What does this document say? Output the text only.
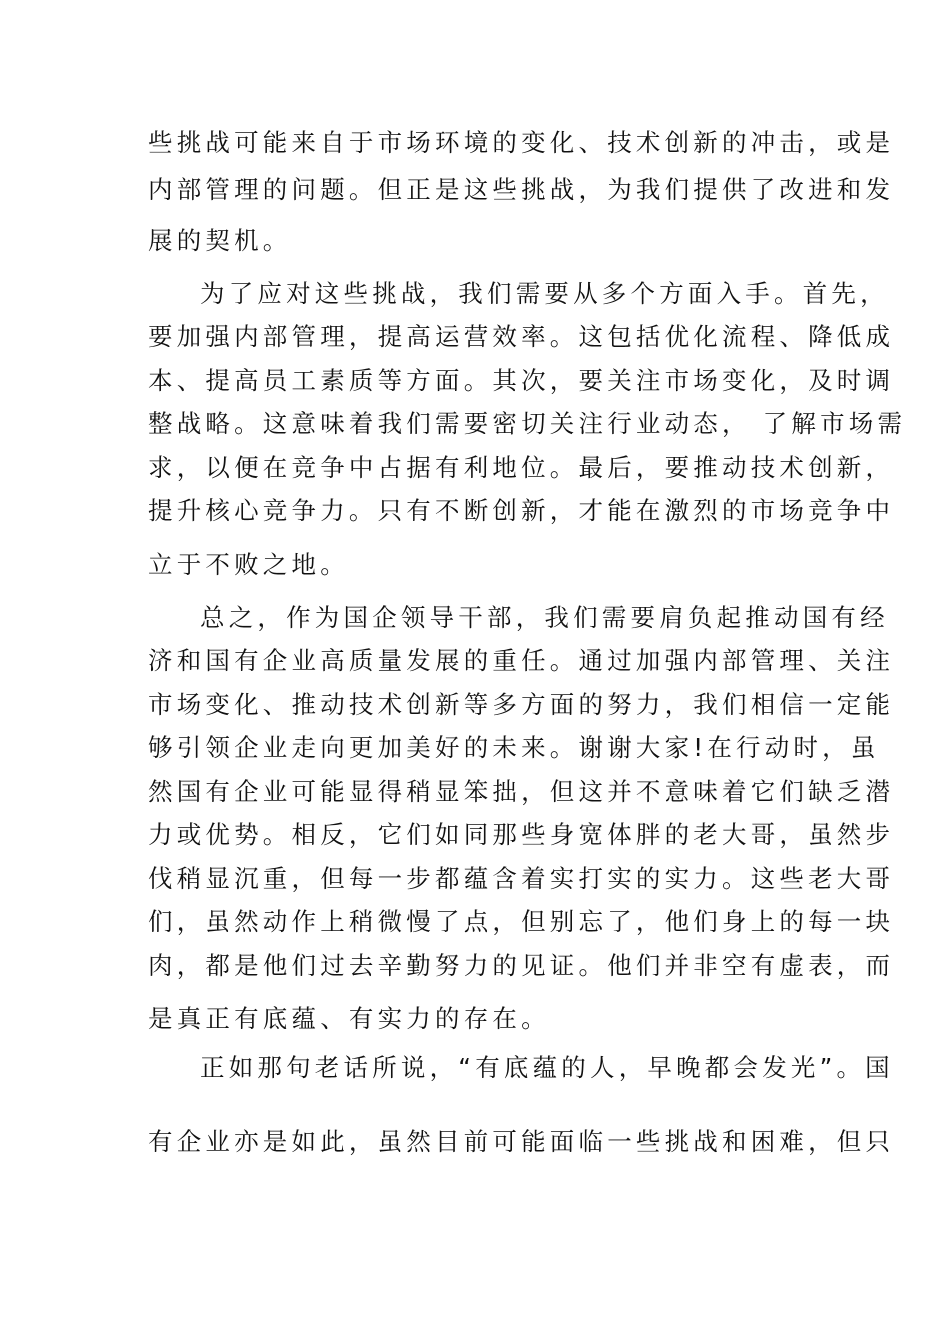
些挑战可能来自于市场环境的变化、技术创新的冲击，或是
内部管理的问题。但正是这些挑战，为我们提供了改进和发
展的契机。
为了应对这些挑战，我们需要从多个方面入手。首先，
要加强内部管理，提高运营效率。这包括优化流程、降低成
本、提高员工素质等方面。其次，要关注市场变化，及时调
整战略。这意味着我们需要密切关注行业动态， 了解市场需
求，以便在竞争中占据有利地位。最后，要推动技术创新，
提升核心竞争力。只有不断创新，才能在激烈的市场竞争中
立于不败之地。
总之，作为国企领导干部，我们需要肩负起推动国有经
济和国有企业高质量发展的重任。通过加强内部管理、关注
市场变化、推动技术创新等多方面的努力，我们相信一定能
够引领企业走向更加美好的未来。谢谢大家!在行动时，虽
然国有企业可能显得稍显笨拙，但这并不意味着它们缺乏潜
力或优势。相反，它们如同那些身宽体胖的老大哥，虽然步
伐稍显沉重，但每一步都蕴含着实打实的实力。这些老大哥
们，虽然动作上稍微慢了点，但别忘了，他们身上的每一块
肉，都是他们过去辛勤努力的见证。他们并非空有虚表，而
是真正有底蕴、有实力的存在。
正如那句老话所说，“有底蕴的人，早晚都会发光”。国
有企业亦是如此，虽然目前可能面临一些挑战和困难，但只
